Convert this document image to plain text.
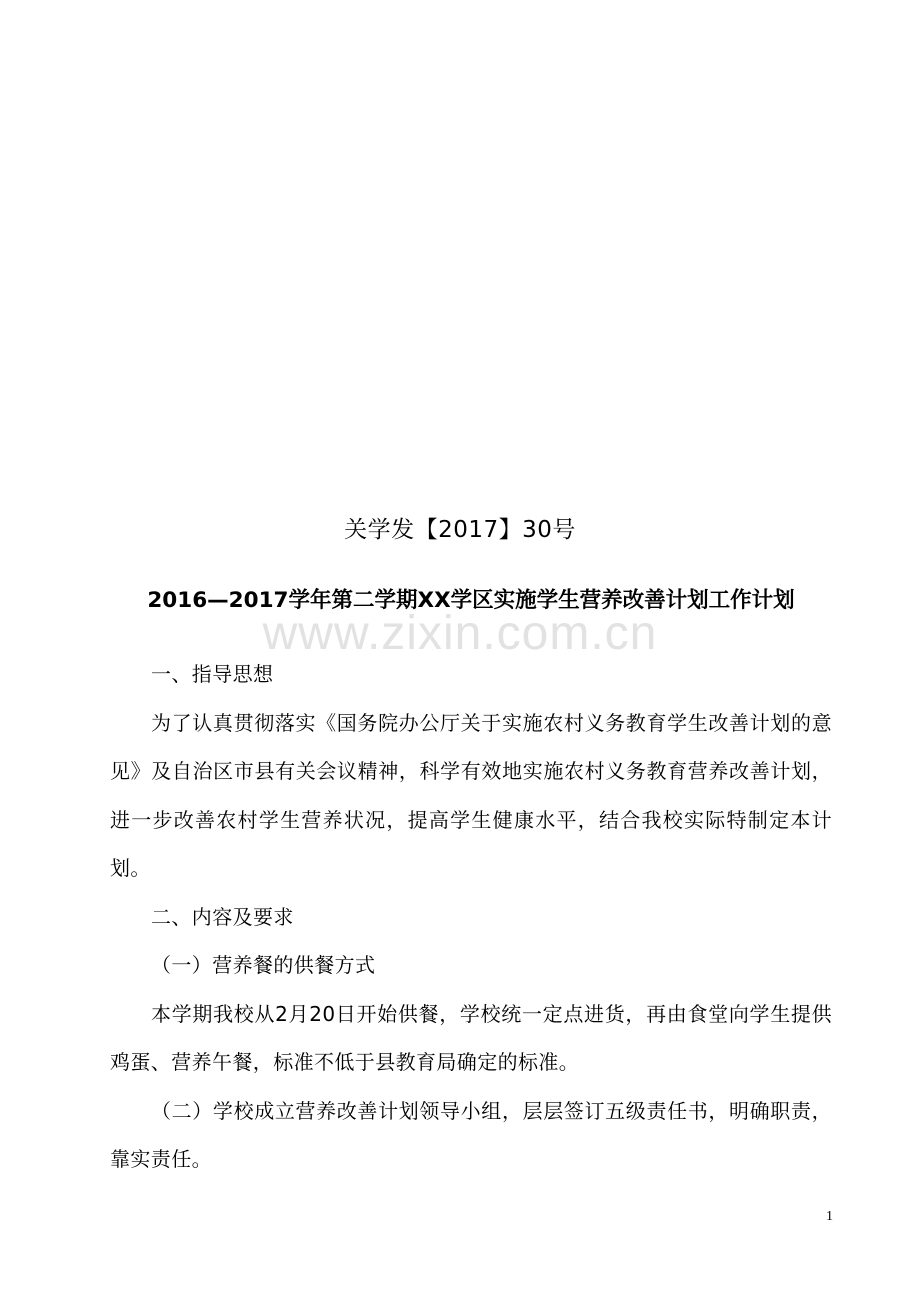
关学发【2017】30号
2016—2017学年第二学期XX学区实施学生营养改善计划工作计划
www.zixin.com.cn

一、指导思想

为了认真贯彻落实《国务院办公厅关于实施农村义务教育学生改善计划的意见》及自治区市县有关会议精神，科学有效地实施农村义务教育营养改善计划，进一步改善农村学生营养状况，提高学生健康水平，结合我校实际特制定本计划。

二、内容及要求

（一）营养餐的供餐方式

本学期我校从2月20日开始供餐，学校统一定点进货，再由食堂向学生提供鸡蛋、营养午餐，标准不低于县教育局确定的标准。

（二）学校成立营养改善计划领导小组，层层签订五级责任书，明确职责，靠实责任。

1
